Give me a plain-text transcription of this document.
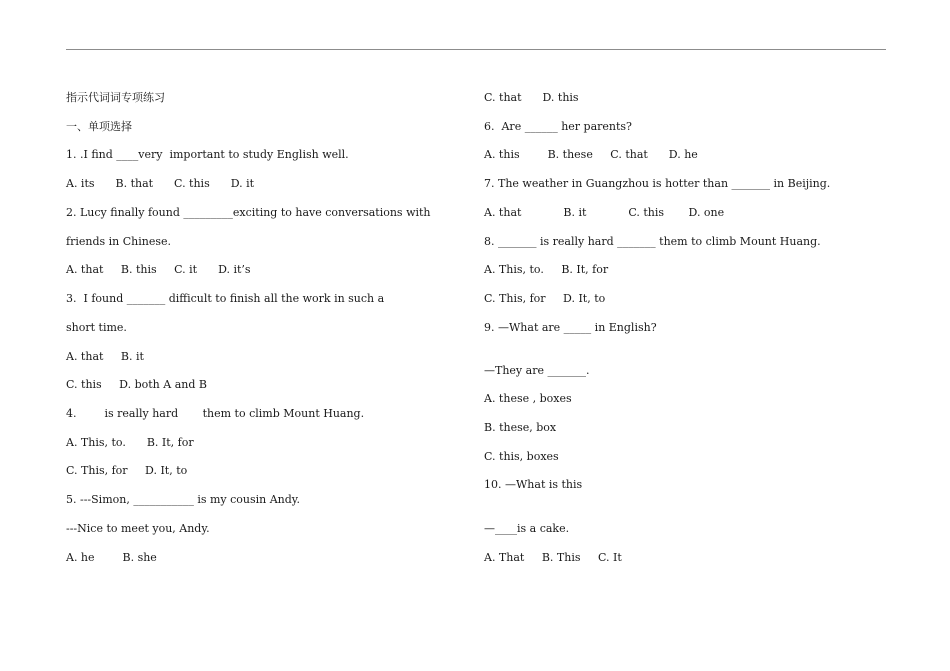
指示代词词专项练习
一、单项选择
1. .I find ____very  important to study English well.
A. its      B. that      C. this      D. it
2. Lucy finally found _________exciting to have conversations with
friends in Chinese.
A. that     B. this     C. it      D. it’s
3.  I found _______ difficult to finish all the work in such a
short time.
A. that     B. it
C. this     D. both A and B
4.        is really hard       them to climb Mount Huang.
A. This, to.      B. It, for
C. This, for     D. It, to
5. ---Simon, ___________ is my cousin Andy.
---Nice to meet you, Andy.
A. he        B. she
C. that      D. this
6.  Are ______ her parents?
A. this        B. these     C. that      D. he
7. The weather in Guangzhou is hotter than _______ in Beijing.
A. that            B. it            C. this       D. one
8. _______ is really hard _______ them to climb Mount Huang.
A. This, to.     B. It, for
C. This, for     D. It, to
9. —What are _____ in English?
—They are _______.
A. these , boxes
B. these, box
C. this, boxes
10. —What is this
—____is a cake.
A. That     B. This     C. It
